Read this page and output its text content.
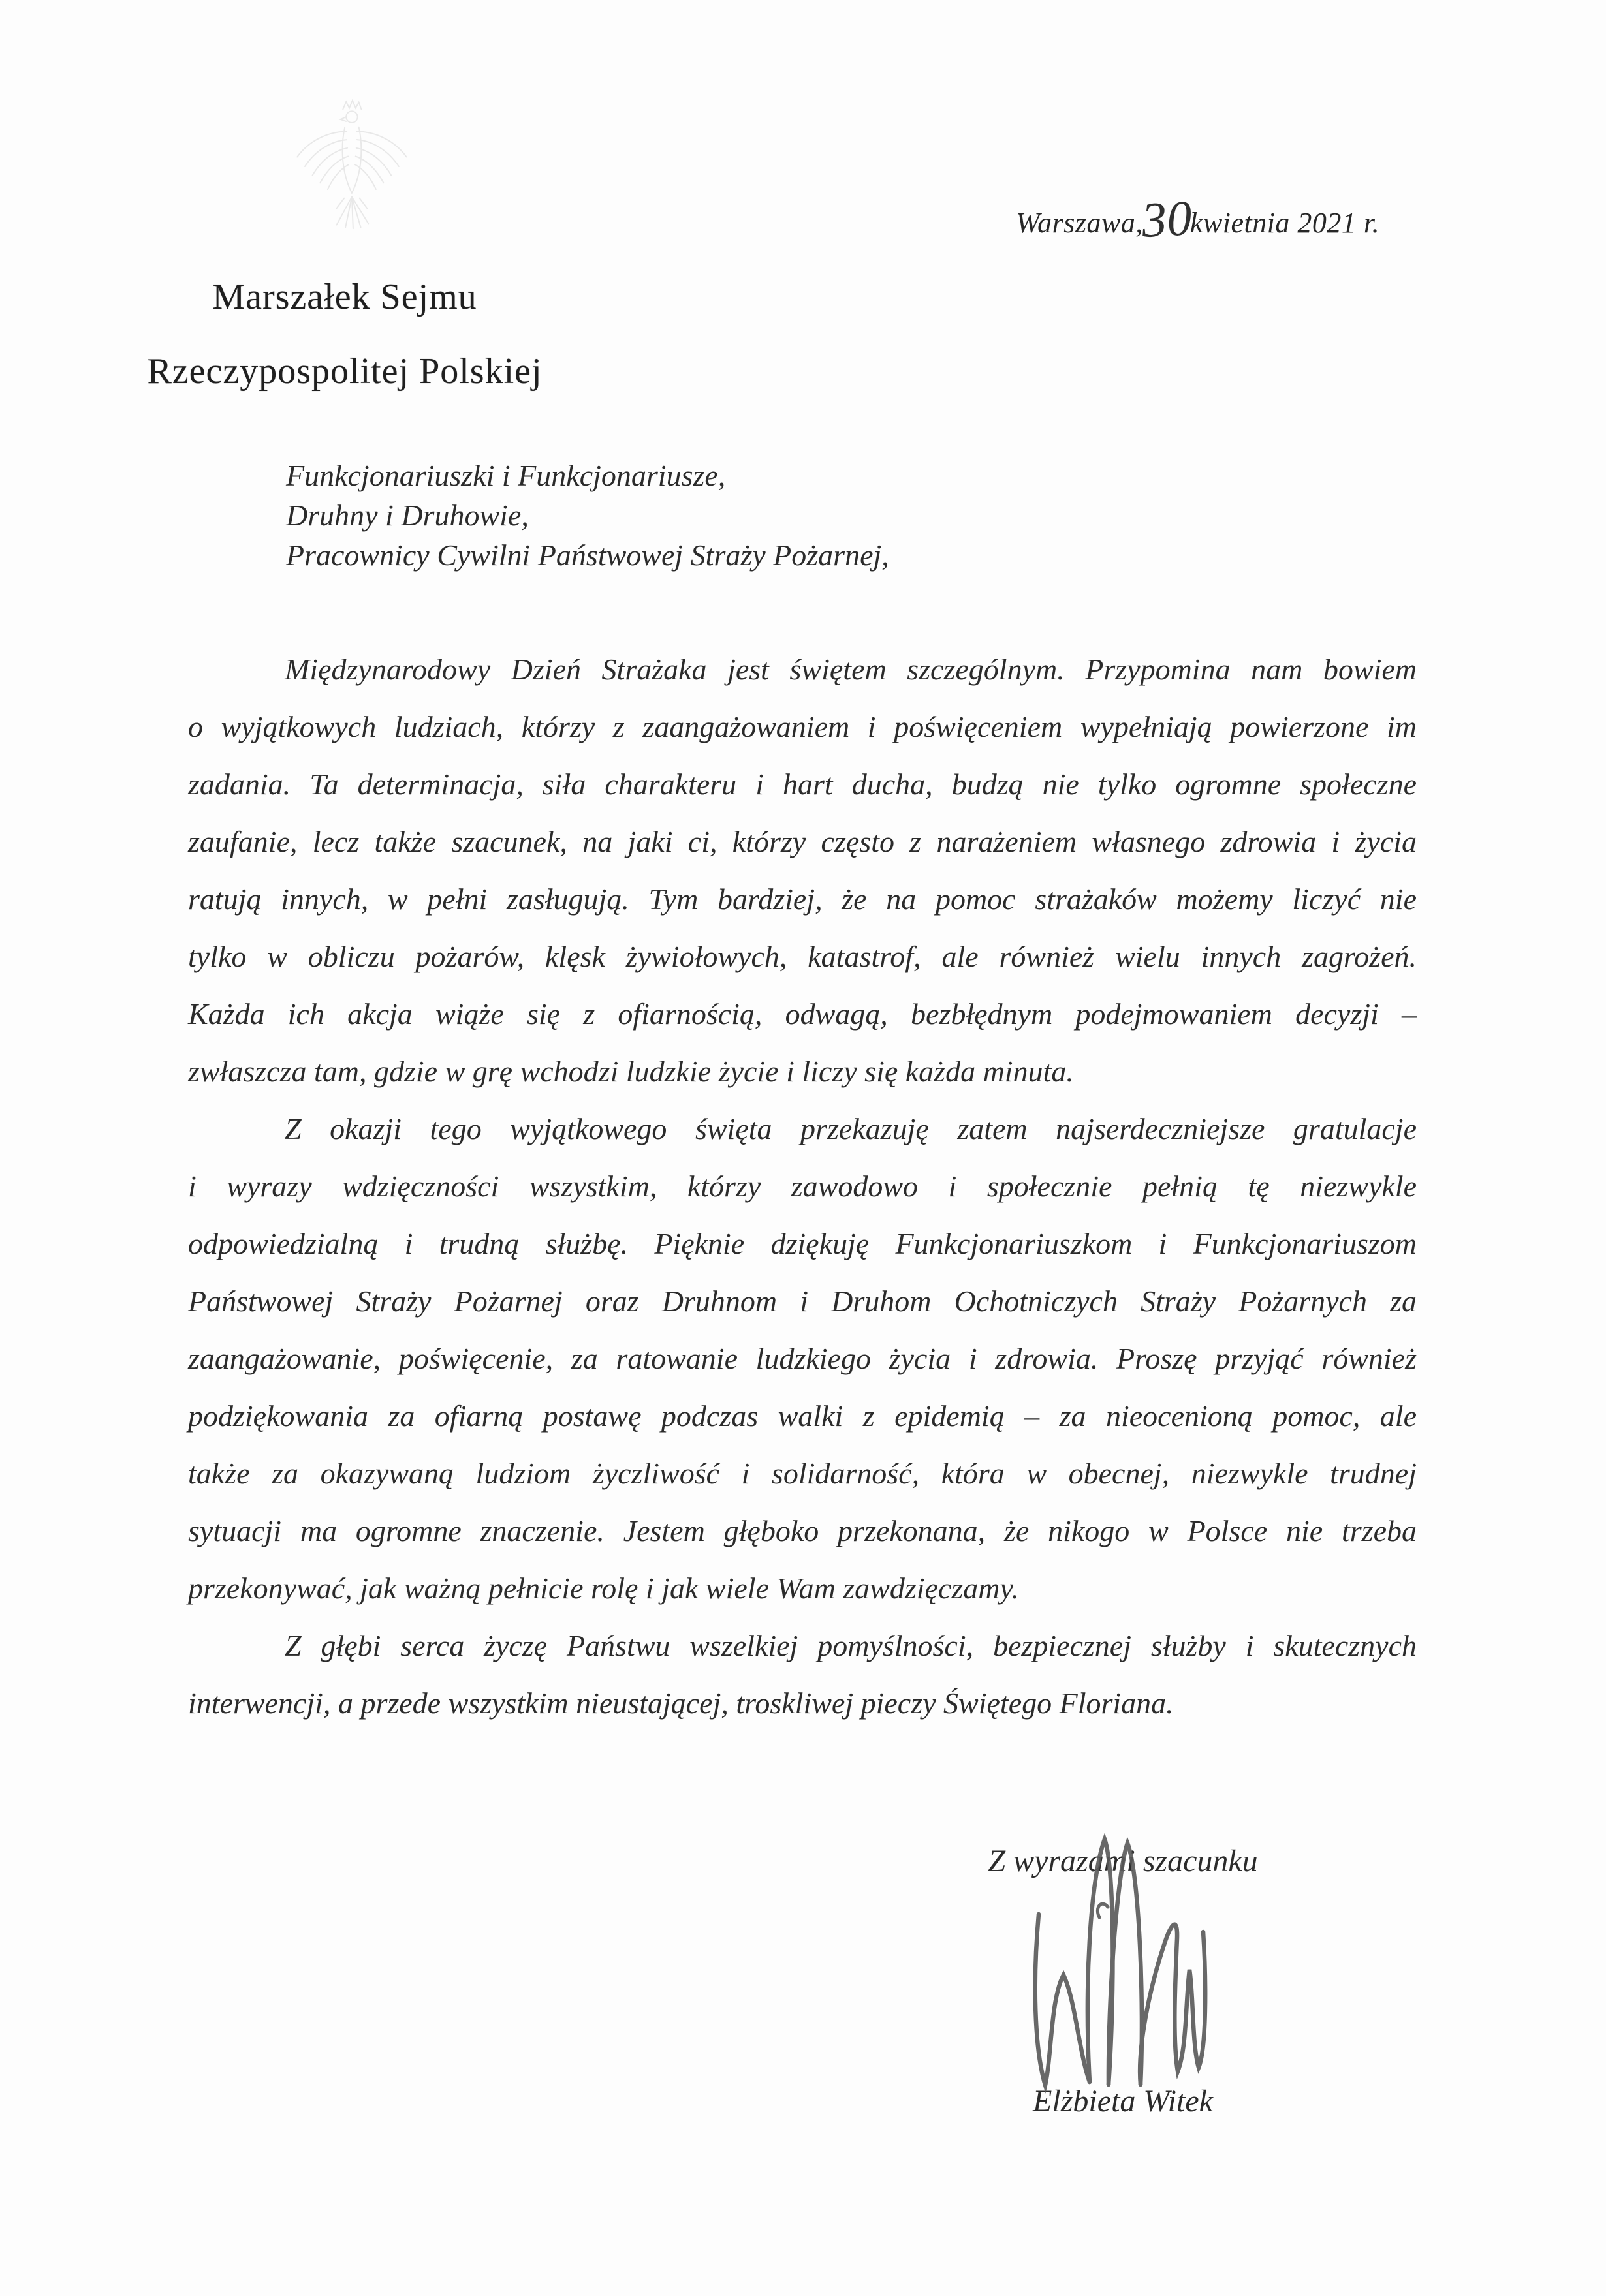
Warszawa,30kwietnia 2021 r.
Marszałek Sejmu
Rzeczypospolitej Polskiej
Funkcjonariuszki i Funkcjonariusze,
Druhny i Druhowie,
Pracownicy Cywilni Państwowej Straży Pożarnej,
Międzynarodowy Dzień Strażaka jest świętem szczególnym. Przypomina nam bowiem
o wyjątkowych ludziach, którzy z zaangażowaniem i poświęceniem wypełniają powierzone im
zadania. Ta determinacja, siła charakteru i hart ducha, budzą nie tylko ogromne społeczne
zaufanie, lecz także szacunek, na jaki ci, którzy często z narażeniem własnego zdrowia i życia
ratują innych, w pełni zasługują. Tym bardziej, że na pomoc strażaków możemy liczyć nie
tylko w obliczu pożarów, klęsk żywiołowych, katastrof, ale również wielu innych zagrożeń.
Każda ich akcja wiąże się z ofiarnością, odwagą, bezbłędnym podejmowaniem decyzji –
zwłaszcza tam, gdzie w grę wchodzi ludzkie życie i liczy się każda minuta.
Z okazji tego wyjątkowego święta przekazuję zatem najserdeczniejsze gratulacje
i wyrazy wdzięczności wszystkim, którzy zawodowo i społecznie pełnią tę niezwykle
odpowiedzialną i trudną służbę. Pięknie dziękuję Funkcjonariuszkom i Funkcjonariuszom
Państwowej Straży Pożarnej oraz Druhnom i Druhom Ochotniczych Straży Pożarnych za
zaangażowanie, poświęcenie, za ratowanie ludzkiego życia i zdrowia. Proszę przyjąć również
podziękowania za ofiarną postawę podczas walki z epidemią – za nieocenioną pomoc, ale
także za okazywaną ludziom życzliwość i solidarność, która w obecnej, niezwykle trudnej
sytuacji ma ogromne znaczenie. Jestem głęboko przekonana, że nikogo w Polsce nie trzeba
przekonywać, jak ważną pełnicie rolę i jak wiele Wam zawdzięczamy.
Z głębi serca życzę Państwu wszelkiej pomyślności, bezpiecznej służby i skutecznych
interwencji, a przede wszystkim nieustającej, troskliwej pieczy Świętego Floriana.
Z wyrazami szacunku
Elżbieta Witek
